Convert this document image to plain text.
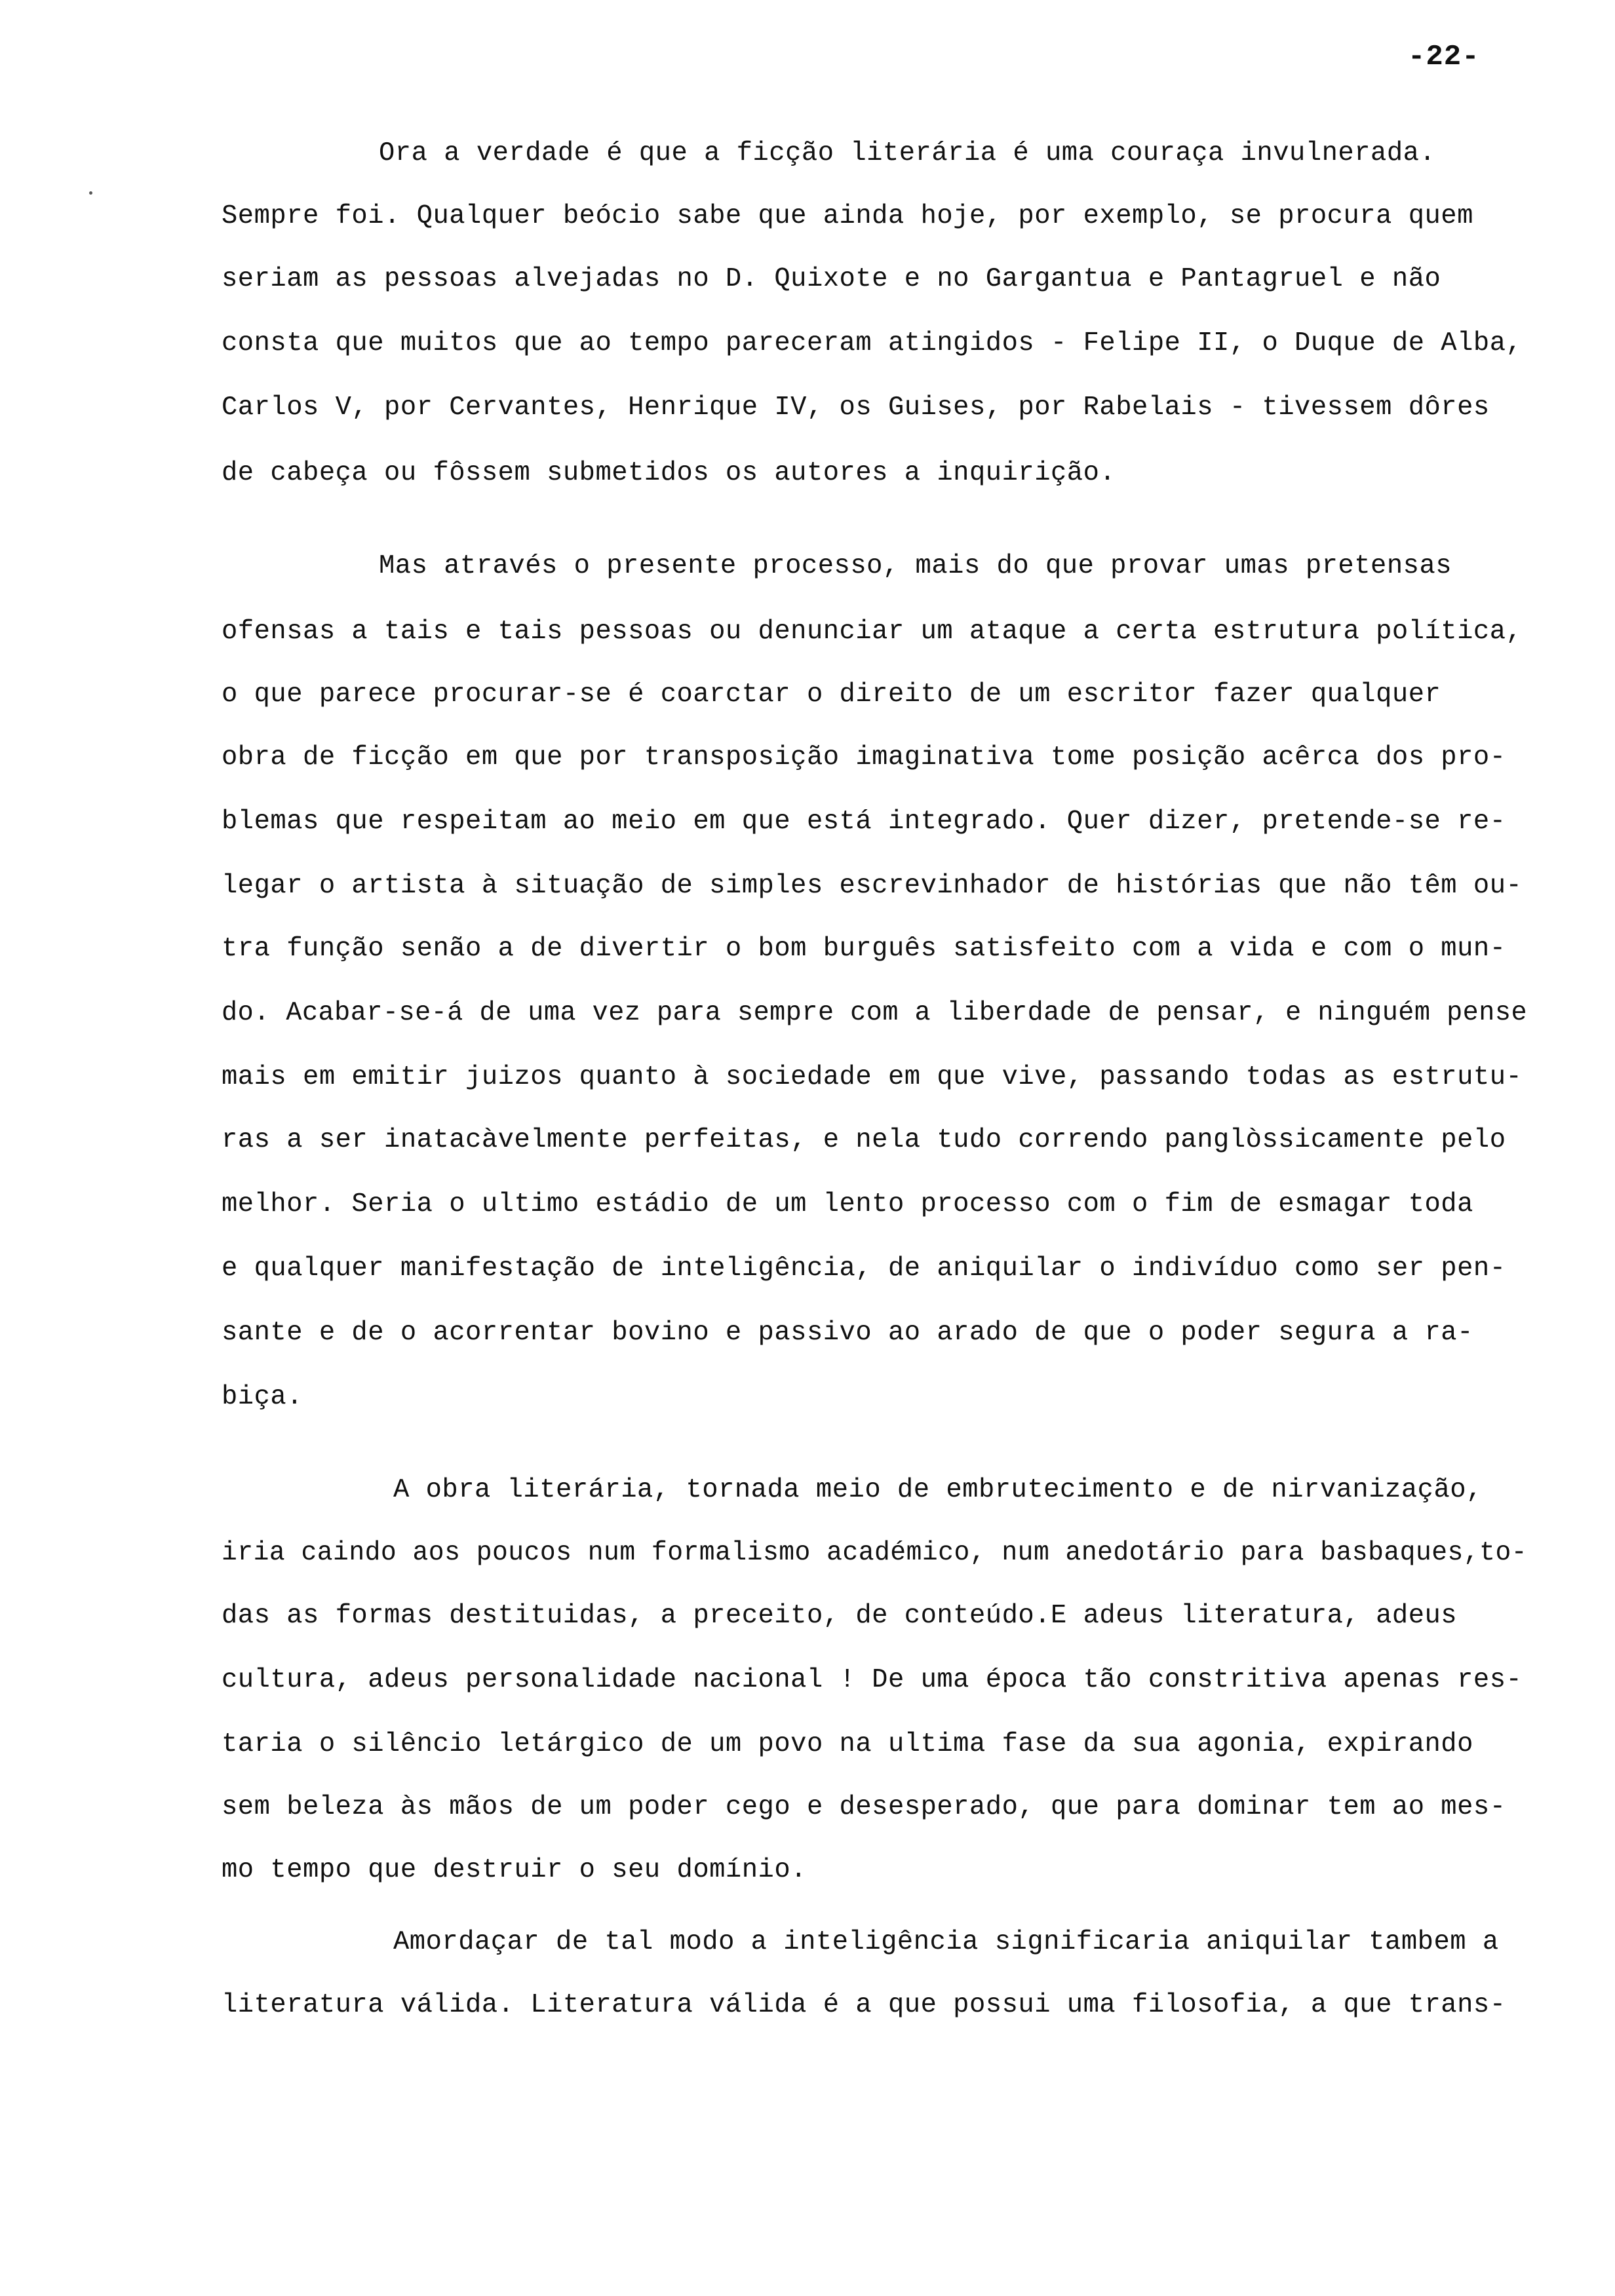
-22-
Ora a verdade é que a ficção literária é uma couraça invulnerada.
Sempre foi. Qualquer beócio sabe que ainda hoje, por exemplo, se procura quem
seriam as pessoas alvejadas no D. Quixote e no Gargantua e Pantagruel e não
consta que muitos que ao tempo pareceram atingidos - Felipe II, o Duque de Alba,
Carlos V, por Cervantes, Henrique IV, os Guises, por Rabelais - tivessem dôres
de cabeça ou fôssem submetidos os autores a inquirição.
Mas através o presente processo, mais do que provar umas pretensas
ofensas a tais e tais pessoas ou denunciar um ataque a certa estrutura política,
o que parece procurar-se é coarctar o direito de um escritor fazer qualquer
obra de ficção em que por transposição imaginativa tome posição acêrca dos pro-
blemas que respeitam ao meio em que está integrado. Quer dizer, pretende-se re-
legar o artista à situação de simples escrevinhador de histórias que não têm ou-
tra função senão a de divertir o bom burguês satisfeito com a vida e com o mun-
do. Acabar-se-á de uma vez para sempre com a liberdade de pensar, e ninguém pense
mais em emitir juizos quanto à sociedade em que vive, passando todas as estrutu-
ras a ser inatacàvelmente perfeitas, e nela tudo correndo panglòssicamente pelo
melhor. Seria o ultimo estádio de um lento processo com o fim de esmagar toda
e qualquer manifestação de inteligência, de aniquilar o indivíduo como ser pen-
sante e de o acorrentar bovino e passivo ao arado de que o poder segura a ra-
biça.
A obra literária, tornada meio de embrutecimento e de nirvanização,
iria caindo aos poucos num formalismo académico, num anedotário para basbaques,to-
das as formas destituidas, a preceito, de conteúdo.E adeus literatura, adeus
cultura, adeus personalidade nacional ! De uma época tão constritiva apenas res-
taria o silêncio letárgico de um povo na ultima fase da sua agonia, expirando
sem beleza às mãos de um poder cego e desesperado, que para dominar tem ao mes-
mo tempo que destruir o seu domínio.
Amordaçar de tal modo a inteligência significaria aniquilar tambem a
literatura válida. Literatura válida é a que possui uma filosofia, a que trans-
